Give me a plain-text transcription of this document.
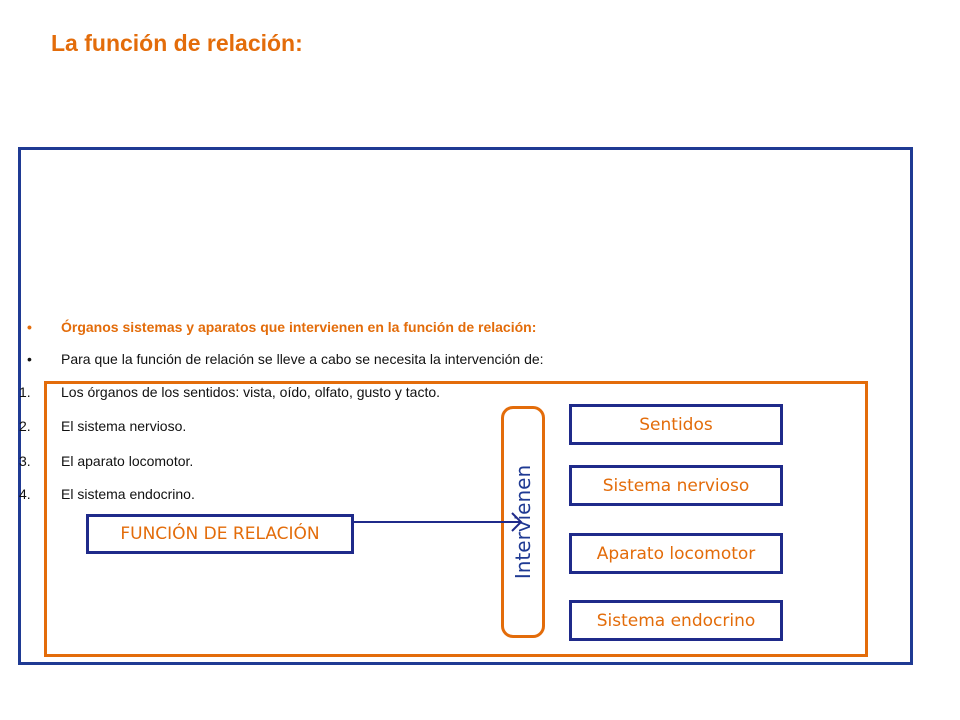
La función de relación:
• Órganos sistemas y aparatos que intervienen en la función de relación:
• Para que la función de relación se lleve a cabo se necesita la intervención de:
1. Los órganos de los sentidos: vista, oído, olfato, gusto y tacto.
2. El sistema nervioso.
3. El aparato locomotor.
4. El sistema endocrino.	Intervienen
FUNCIÓN DE RELACIÓN
Sentidos
Sistema nervioso
Aparato locomotor
Sistema endocrino
